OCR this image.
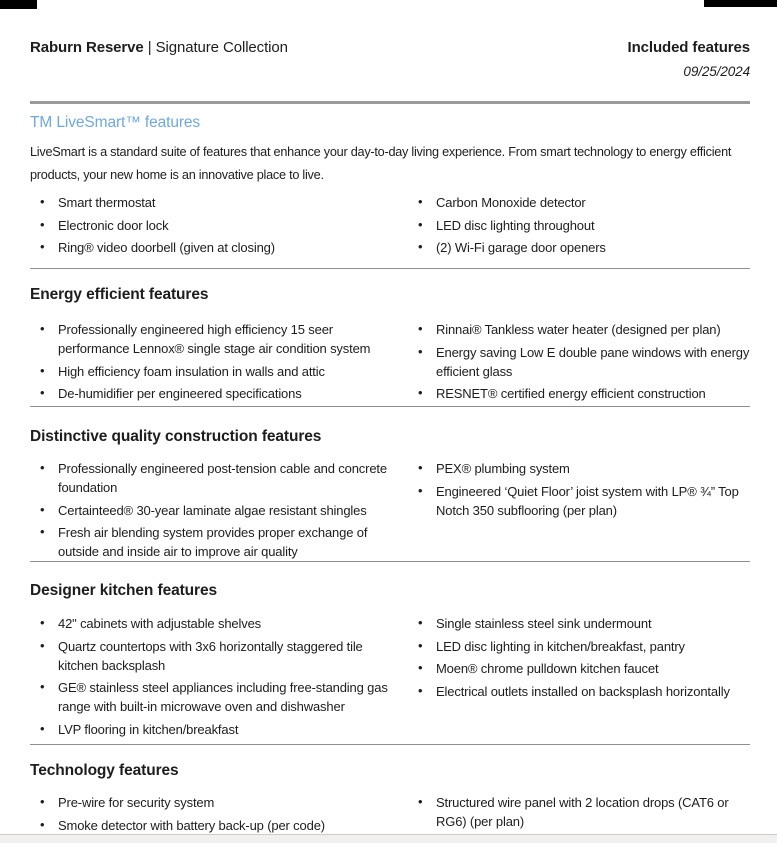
Raburn Reserve | Signature Collection	Included features
09/25/2024
TM LiveSmart™ features
LiveSmart is a standard suite of features that enhance your day-to-day living experience. From smart technology to energy efficient products, your new home is an innovative place to live.
• Smart thermostat
• Electronic door lock
• Ring® video doorbell (given at closing)
• Carbon Monoxide detector
• LED disc lighting throughout
• (2) Wi-Fi garage door openers
Energy efficient features
• Professionally engineered high efficiency 15 seer performance Lennox® single stage air condition system
• High efficiency foam insulation in walls and attic
• De-humidifier per engineered specifications
• Rinnai® Tankless water heater (designed per plan)
• Energy saving Low E double pane windows with energy efficient glass
• RESNET® certified energy efficient construction
Distinctive quality construction features
• Professionally engineered post-tension cable and concrete foundation
• Certainteed® 30-year laminate algae resistant shingles
• Fresh air blending system provides proper exchange of outside and inside air to improve air quality
• PEX® plumbing system
• Engineered ‘Quiet Floor’ joist system with LP® ¾” Top Notch 350 subflooring (per plan)
Designer kitchen features
• 42" cabinets with adjustable shelves
• Quartz countertops with 3x6 horizontally staggered tile kitchen backsplash
• GE® stainless steel appliances including free-standing gas range with built-in microwave oven and dishwasher
• LVP flooring in kitchen/breakfast
• Single stainless steel sink undermount
• LED disc lighting in kitchen/breakfast, pantry
• Moen® chrome pulldown kitchen faucet
• Electrical outlets installed on backsplash horizontally
Technology features
• Pre-wire for security system
• Smoke detector with battery back-up (per code)
• Structured wire panel with 2 location drops (CAT6 or RG6) (per plan)
